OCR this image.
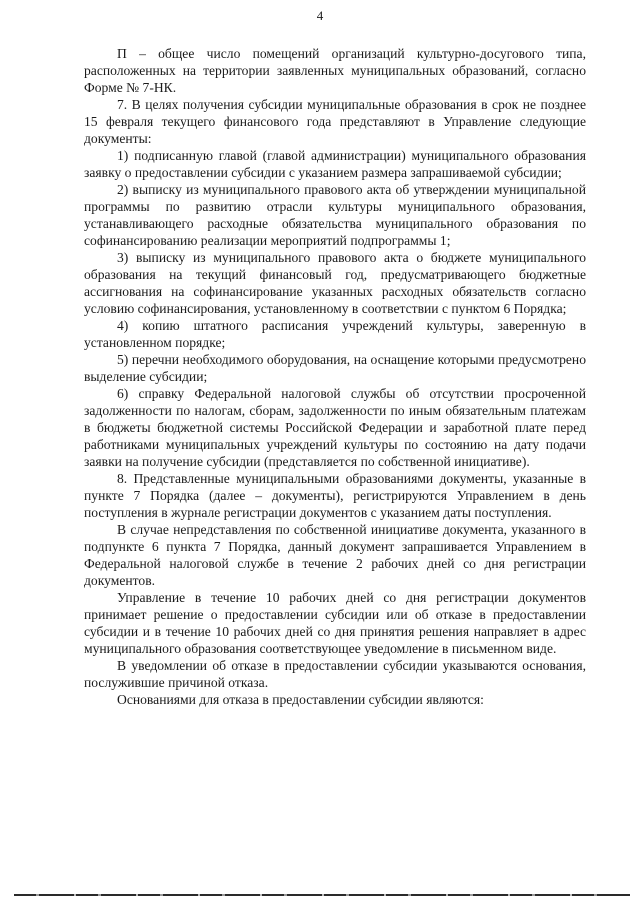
4

П – общее число помещений организаций культурно-досугового типа, расположенных на территории заявленных муниципальных образований, согласно Форме № 7-НК.

7. В целях получения субсидии муниципальные образования в срок не позднее 15 февраля текущего финансового года представляют в Управление следующие документы:

1) подписанную главой (главой администрации) муниципального образования заявку о предоставлении субсидии с указанием размера запрашиваемой субсидии;

2) выписку из муниципального правового акта об утверждении муниципальной программы по развитию отрасли культуры муниципального образования, устанавливающего расходные обязательства муниципального образования по софинансированию реализации мероприятий подпрограммы 1;

3) выписку из муниципального правового акта о бюджете муниципального образования на текущий финансовый год, предусматривающего бюджетные ассигнования на софинансирование указанных расходных обязательств согласно условию софинансирования, установленному в соответствии с пунктом 6 Порядка;

4) копию штатного расписания учреждений культуры, заверенную в установленном порядке;

5) перечни необходимого оборудования, на оснащение которыми предусмотрено выделение субсидии;

6) справку Федеральной налоговой службы об отсутствии просроченной задолженности по налогам, сборам, задолженности по иным обязательным платежам в бюджеты бюджетной системы Российской Федерации и заработной плате перед работниками муниципальных учреждений культуры по состоянию на дату подачи заявки на получение субсидии (представляется по собственной инициативе).

8. Представленные муниципальными образованиями документы, указанные в пункте 7 Порядка (далее – документы), регистрируются Управлением в день поступления в журнале регистрации документов с указанием даты поступления.

В случае непредставления по собственной инициативе документа, указанного в подпункте 6 пункта 7 Порядка, данный документ запрашивается Управлением в Федеральной налоговой службе в течение 2 рабочих дней со дня регистрации документов.

Управление в течение 10 рабочих дней со дня регистрации документов принимает решение о предоставлении субсидии или об отказе в предоставлении субсидии и в течение 10 рабочих дней со дня принятия решения направляет в адрес муниципального образования соответствующее уведомление в письменном виде.

В уведомлении об отказе в предоставлении субсидии указываются основания, послужившие причиной отказа.

Основаниями для отказа в предоставлении субсидии являются:
